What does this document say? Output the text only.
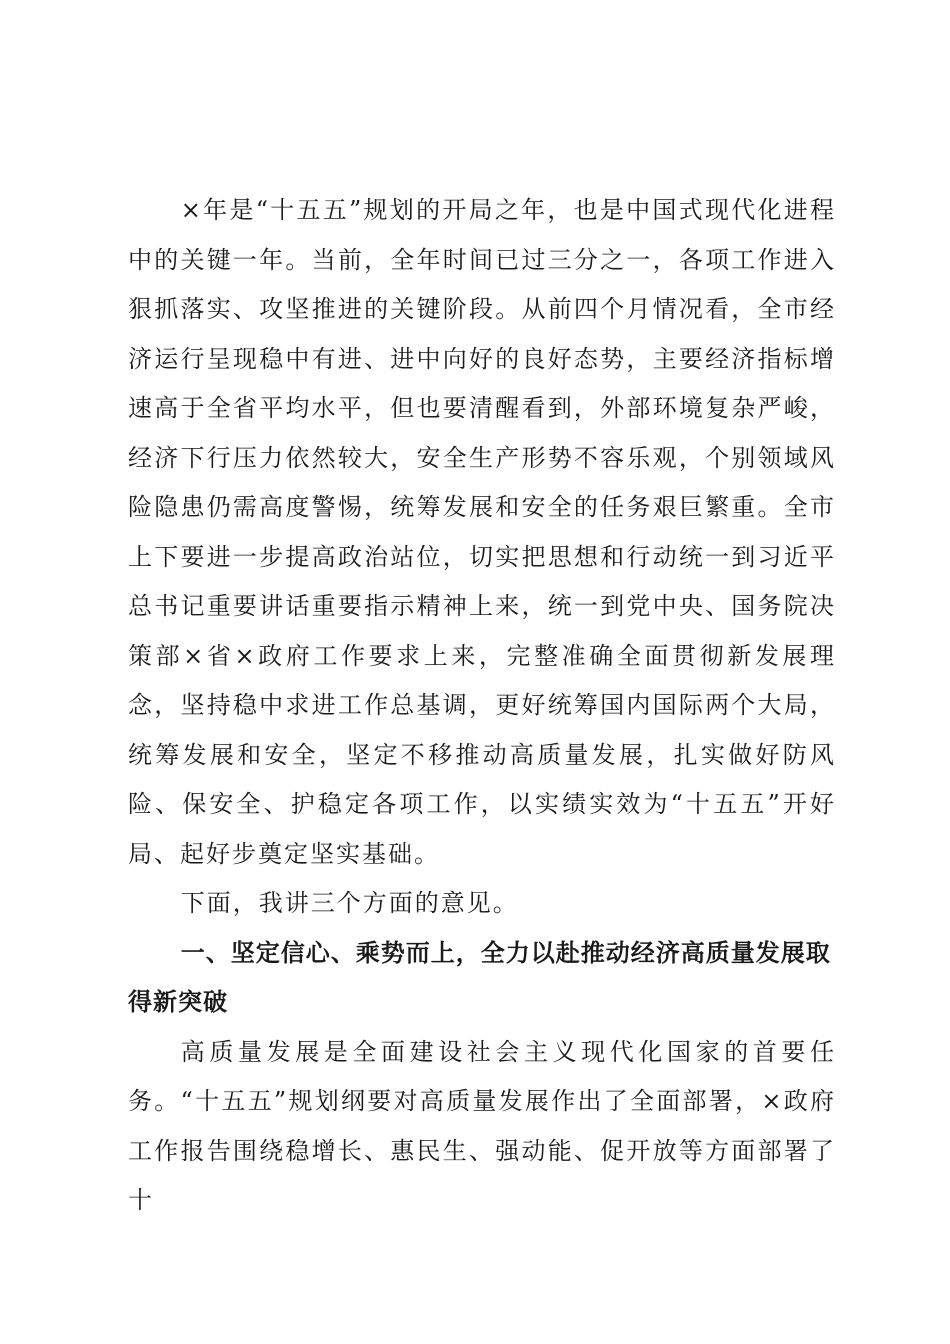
×年是“十五五”规划的开局之年，也是中国式现代化进程中的关键一年。当前，全年时间已过三分之一，各项工作进入狠抓落实、攻坚推进的关键阶段。从前四个月情况看，全市经济运行呈现稳中有进、进中向好的良好态势，主要经济指标增速高于全省平均水平，但也要清醒看到，外部环境复杂严峻，经济下行压力依然较大，安全生产形势不容乐观，个别领域风险隐患仍需高度警惕，统筹发展和安全的任务艰巨繁重。全市上下要进一步提高政治站位，切实把思想和行动统一到习近平总书记重要讲话重要指示精神上来，统一到党中央、国务院决策部×省×政府工作要求上来，完整准确全面贯彻新发展理念，坚持稳中求进工作总基调，更好统筹国内国际两个大局，统筹发展和安全，坚定不移推动高质量发展，扎实做好防风险、保安全、护稳定各项工作，以实绩实效为“十五五”开好局、起好步奠定坚实基础。

下面，我讲三个方面的意见。

一、坚定信心、乘势而上，全力以赴推动经济高质量发展取得新突破

高质量发展是全面建设社会主义现代化国家的首要任务。“十五五”规划纲要对高质量发展作出了全面部署，×政府工作报告围绕稳增长、惠民生、强动能、促开放等方面部署了十
